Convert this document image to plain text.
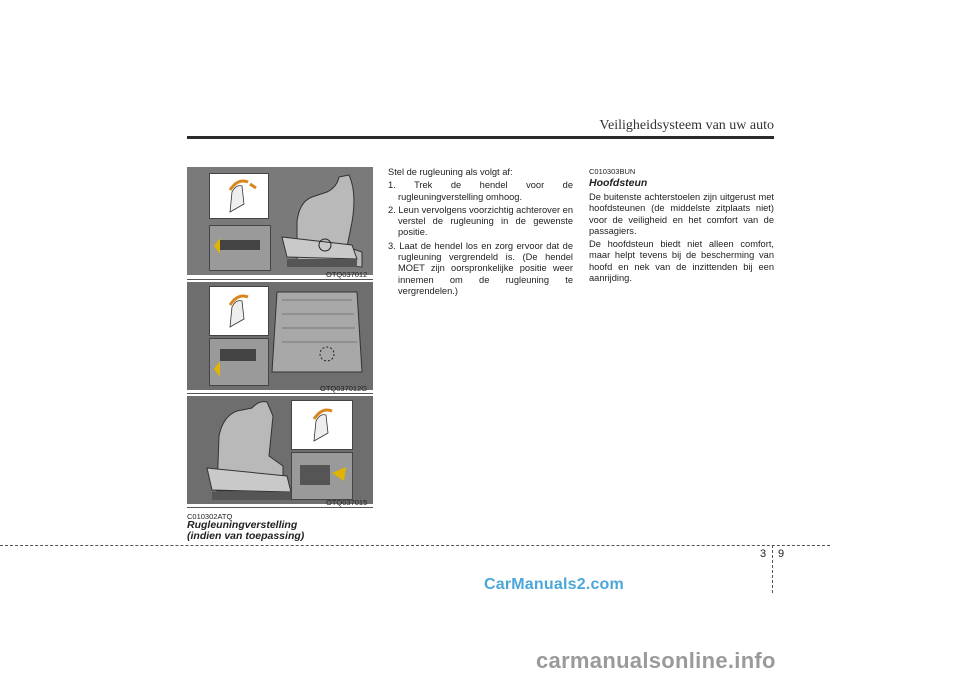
Veiligheidsysteem van uw auto
OTQ037012
OTQ037012G
OTQ037015
C010302ATQ
Rugleuningverstelling
(indien van toepassing)

Stel de rugleuning als volgt af:

1. Trek de hendel voor de rugleuningverstelling omhoog.

2. Leun vervolgens voorzichtig achterover en verstel de rugleuning in de gewenste positie.

3. Laat de hendel los en zorg ervoor dat de rugleuning vergrendeld is. (De hendel MOET zijn oorspronkelijke positie weer innemen om de rugleuning te vergrendelen.)

C010303BUN
Hoofdsteun

De buitenste achterstoelen zijn uitgerust met hoofdsteunen (de middelste zitplaats niet) voor de veiligheid en het comfort van de passagiers.

De hoofdsteun biedt niet alleen comfort, maar helpt tevens bij de bescherming van hoofd en nek van de inzittenden bij een aanrijding.

3 9
CarManuals2.com
carmanualsonline.info
